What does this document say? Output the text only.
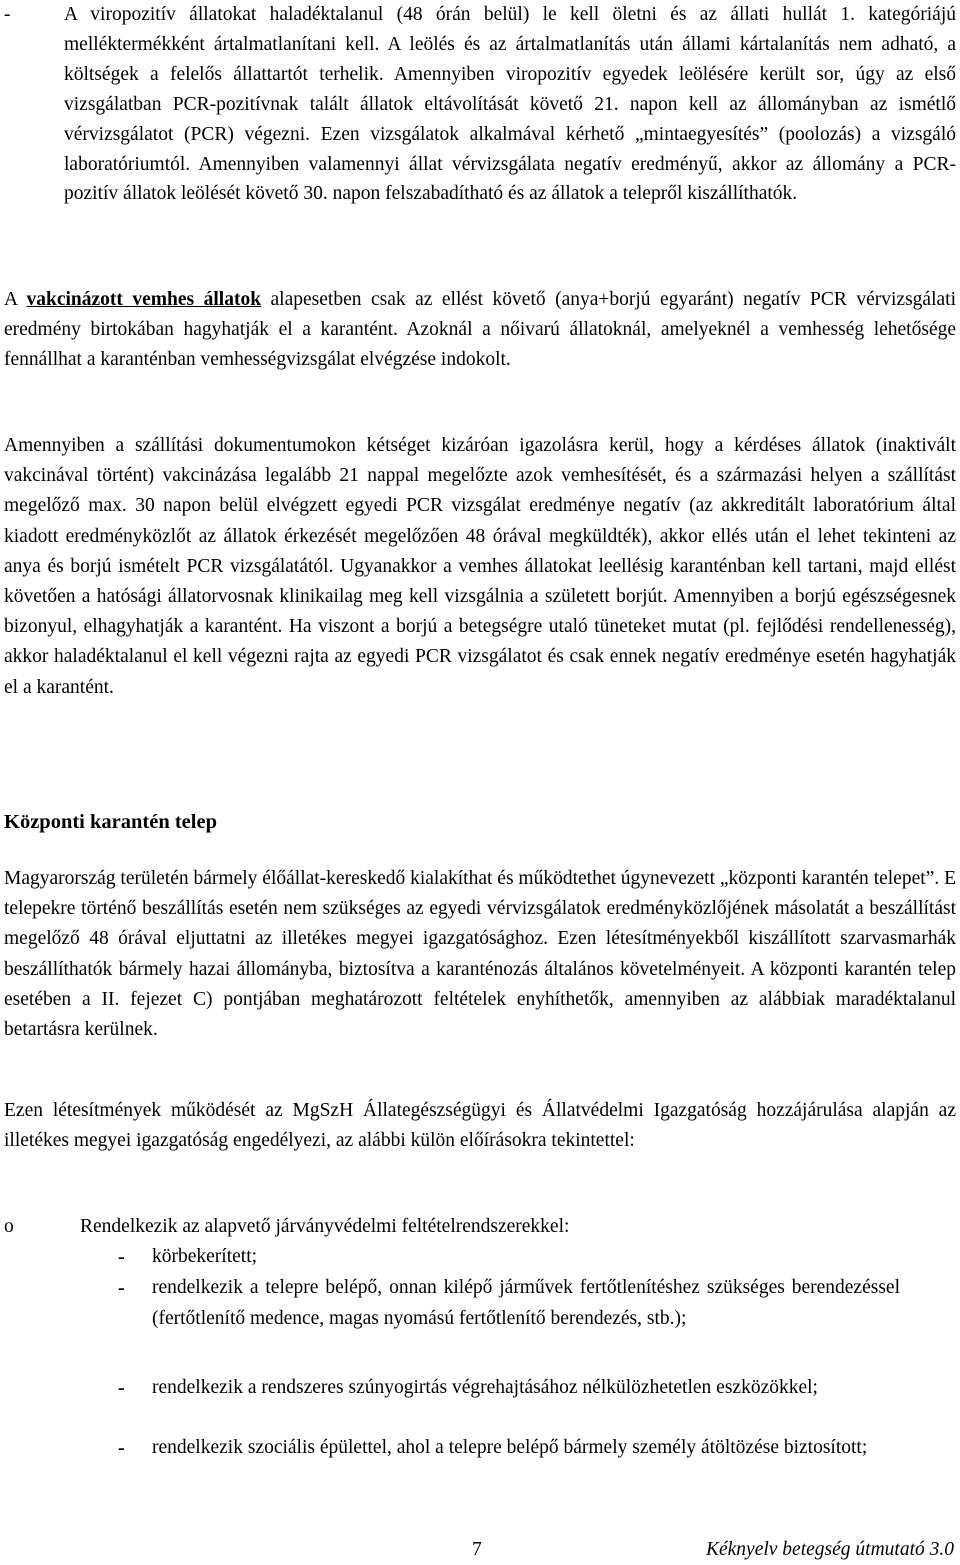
-	A viropozitív állatokat haladéktalanul (48 órán belül) le kell öletni és az állati hullát 1. kategóriájú melléktermékként ártalmatlanítani kell. A leölés és az ártalmatlanítás után állami kártalanítás nem adható, a költségek a felelős állattartót terhelik. Amennyiben viropozitív egyedek leölésére került sor, úgy az első vizsgálatban PCR-pozitívnak talált állatok eltávolítását követő 21. napon kell az állományban az ismétlő vérvizsgálatot (PCR) végezni. Ezen vizsgálatok alkalmával kérhető „mintaegyesítés” (poolozás) a vizsgáló laboratóriumtól. Amennyiben valamennyi állat vérvizsgálata negatív eredményű, akkor az állomány a PCR-pozitív állatok leölését követő 30. napon felszabadítható és az állatok a telepről kiszállíthatók.

A vakcinázott vemhes állatok alapesetben csak az ellést követő (anya+borjú egyaránt) negatív PCR vérvizsgálati eredmény birtokában hagyhatják el a karantént. Azoknál a nőivarú állatoknál, amelyeknél a vemhesség lehetősége fennállhat a karanténban vemhességvizsgálat elvégzése indokolt.

Amennyiben a szállítási dokumentumokon kétséget kizáróan igazolásra kerül, hogy a kérdéses állatok (inaktivált vakcinával történt) vakcinázása legalább 21 nappal megelőzte azok vemhesítését, és a származási helyen a szállítást megelőző max. 30 napon belül elvégzett egyedi PCR vizsgálat eredménye negatív (az akkreditált laboratórium által kiadott eredményközlőt az állatok érkezését megelőzően 48 órával megküldték), akkor ellés után el lehet tekinteni az anya és borjú ismételt PCR vizsgálatától. Ugyanakkor a vemhes állatokat leellésig karanténban kell tartani, majd ellést követően a hatósági állatorvosnak klinikailag meg kell vizsgálnia a született borjút. Amennyiben a borjú egészségesnek bizonyul, elhagyhatják a karantént. Ha viszont a borjú a betegségre utaló tüneteket mutat (pl. fejlődési rendellenesség), akkor haladéktalanul el kell végezni rajta az egyedi PCR vizsgálatot és csak ennek negatív eredménye esetén hagyhatják el a karantént.

Központi karantén telep

Magyarország területén bármely élőállat-kereskedő kialakíthat és működtethet úgynevezett „központi karantén telepet”. E telepekre történő beszállítás esetén nem szükséges az egyedi vérvizsgálatok eredményközlőjének másolatát a beszállítást megelőző 48 órával eljuttatni az illetékes megyei igazgatósághoz. Ezen létesítményekből kiszállított szarvasmarhák beszállíthatók bármely hazai állományba, biztosítva a karanténozás általános követelményeit. A központi karantén telep esetében a II. fejezet C) pontjában meghatározott feltételek enyhíthetők, amennyiben az alábbiak maradéktalanul betartásra kerülnek.

Ezen létesítmények működését az MgSzH Állategészségügyi és Állatvédelmi Igazgatóság hozzájárulása alapján az illetékes megyei igazgatóság engedélyezi, az alábbi külön előírásokra tekintettel:

o	Rendelkezik az alapvető járványvédelmi feltételrendszerekkel:
- körbekerített;

- rendelkezik a telepre belépő, onnan kilépő járművek fertőtlenítéshez szükséges berendezéssel (fertőtlenítő medence, magas nyomású fertőtlenítő berendezés, stb.);

- rendelkezik a rendszeres szúnyogirtás végrehajtásához nélkülözhetetlen eszközökkel;

- rendelkezik szociális épülettel, ahol a telepre belépő bármely személy átöltözése biztosított;

7	Kéknyelv betegség útmutató 3.0
